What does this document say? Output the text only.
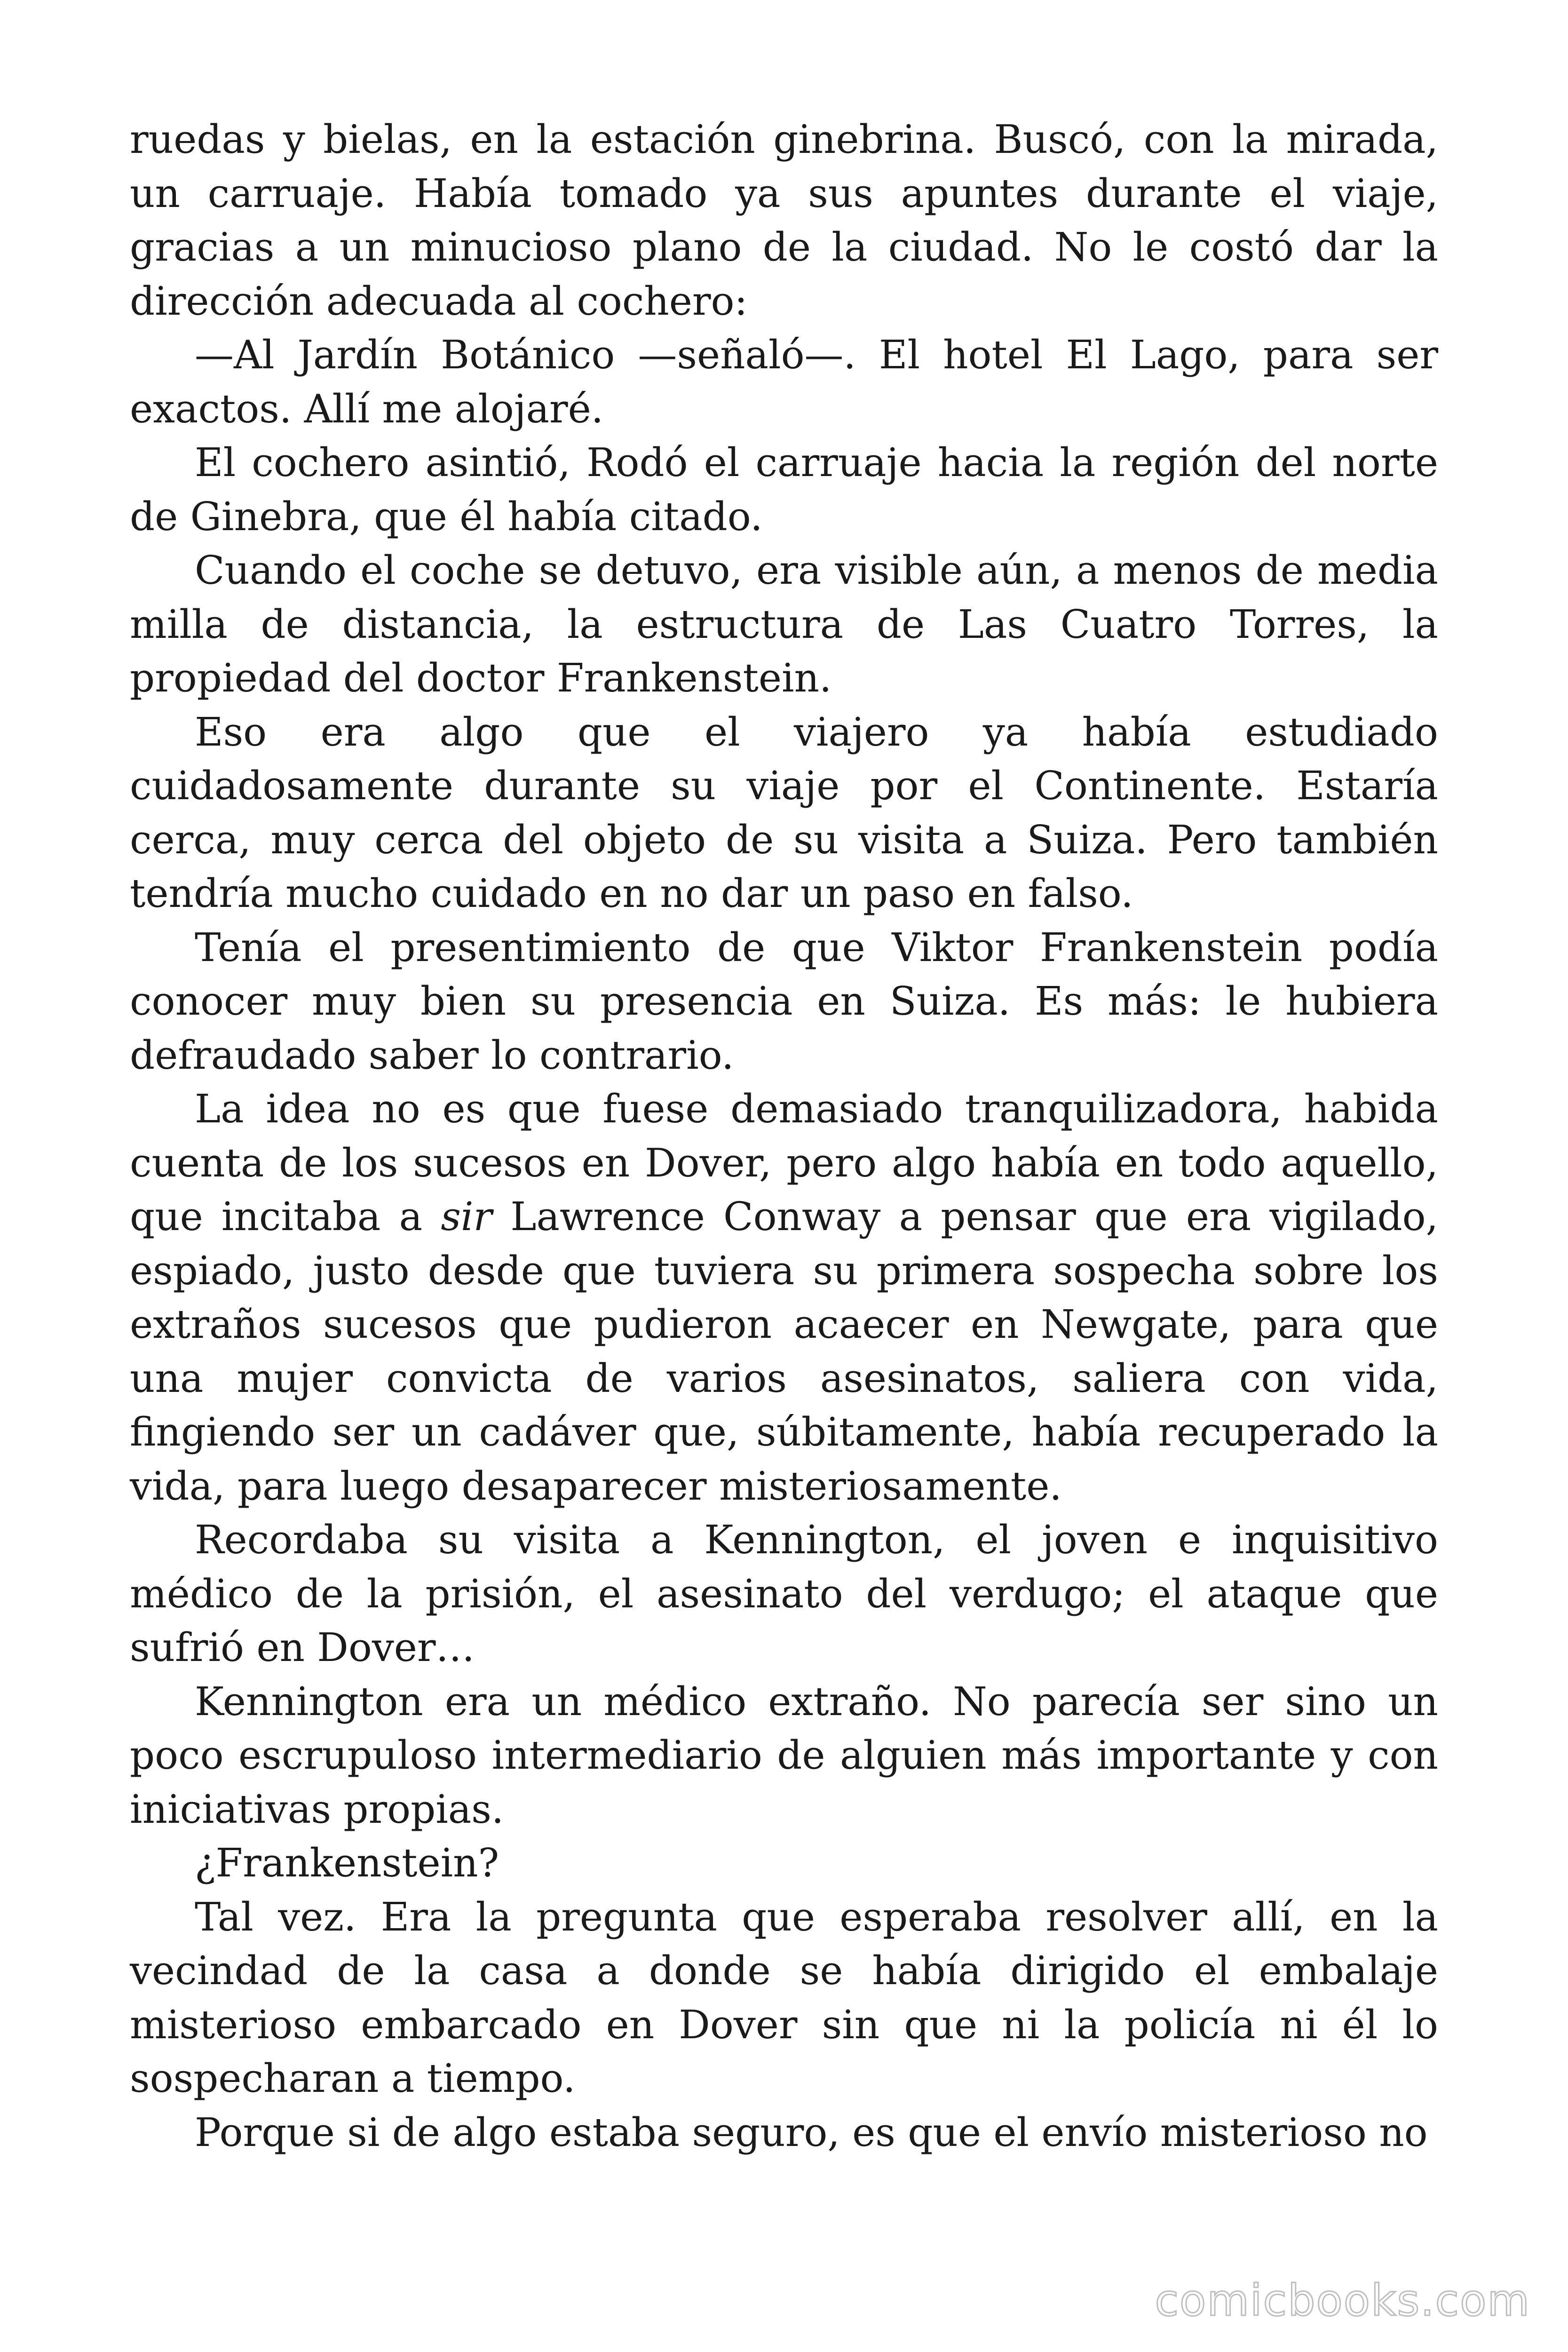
ruedas y bielas, en la estación ginebrina. Buscó, con la mirada, un carruaje. Había tomado ya sus apuntes durante el viaje, gracias a un minucioso plano de la ciudad. No le costó dar la dirección adecuada al cochero:

—Al Jardín Botánico —señaló—. El hotel El Lago, para ser exactos. Allí me alojaré.

El cochero asintió, Rodó el carruaje hacia la región del norte de Ginebra, que él había citado.

Cuando el coche se detuvo, era visible aún, a menos de media milla de distancia, la estructura de Las Cuatro Torres, la propiedad del doctor Frankenstein.

Eso era algo que el viajero ya había estudiado cuidadosamente durante su viaje por el Continente. Estaría cerca, muy cerca del objeto de su visita a Suiza. Pero también tendría mucho cuidado en no dar un paso en falso.

Tenía el presentimiento de que Viktor Frankenstein podía conocer muy bien su presencia en Suiza. Es más: le hubiera defraudado saber lo contrario.

La idea no es que fuese demasiado tranquilizadora, habida cuenta de los sucesos en Dover, pero algo había en todo aquello, que incitaba a sir Lawrence Conway a pensar que era vigilado, espiado, justo desde que tuviera su primera sospecha sobre los extraños sucesos que pudieron acaecer en Newgate, para que una mujer convicta de varios asesinatos, saliera con vida, fingiendo ser un cadáver que, súbitamente, había recuperado la vida, para luego desaparecer misteriosamente.

Recordaba su visita a Kennington, el joven e inquisitivo médico de la prisión, el asesinato del verdugo; el ataque que sufrió en Dover…

Kennington era un médico extraño. No parecía ser sino un poco escrupuloso intermediario de alguien más importante y con iniciativas propias.

¿Frankenstein?

Tal vez. Era la pregunta que esperaba resolver allí, en la vecindad de la casa a donde se había dirigido el embalaje misterioso embarcado en Dover sin que ni la policía ni él lo sospecharan a tiempo.

Porque si de algo estaba seguro, es que el envío misterioso no

comicbooks.com
